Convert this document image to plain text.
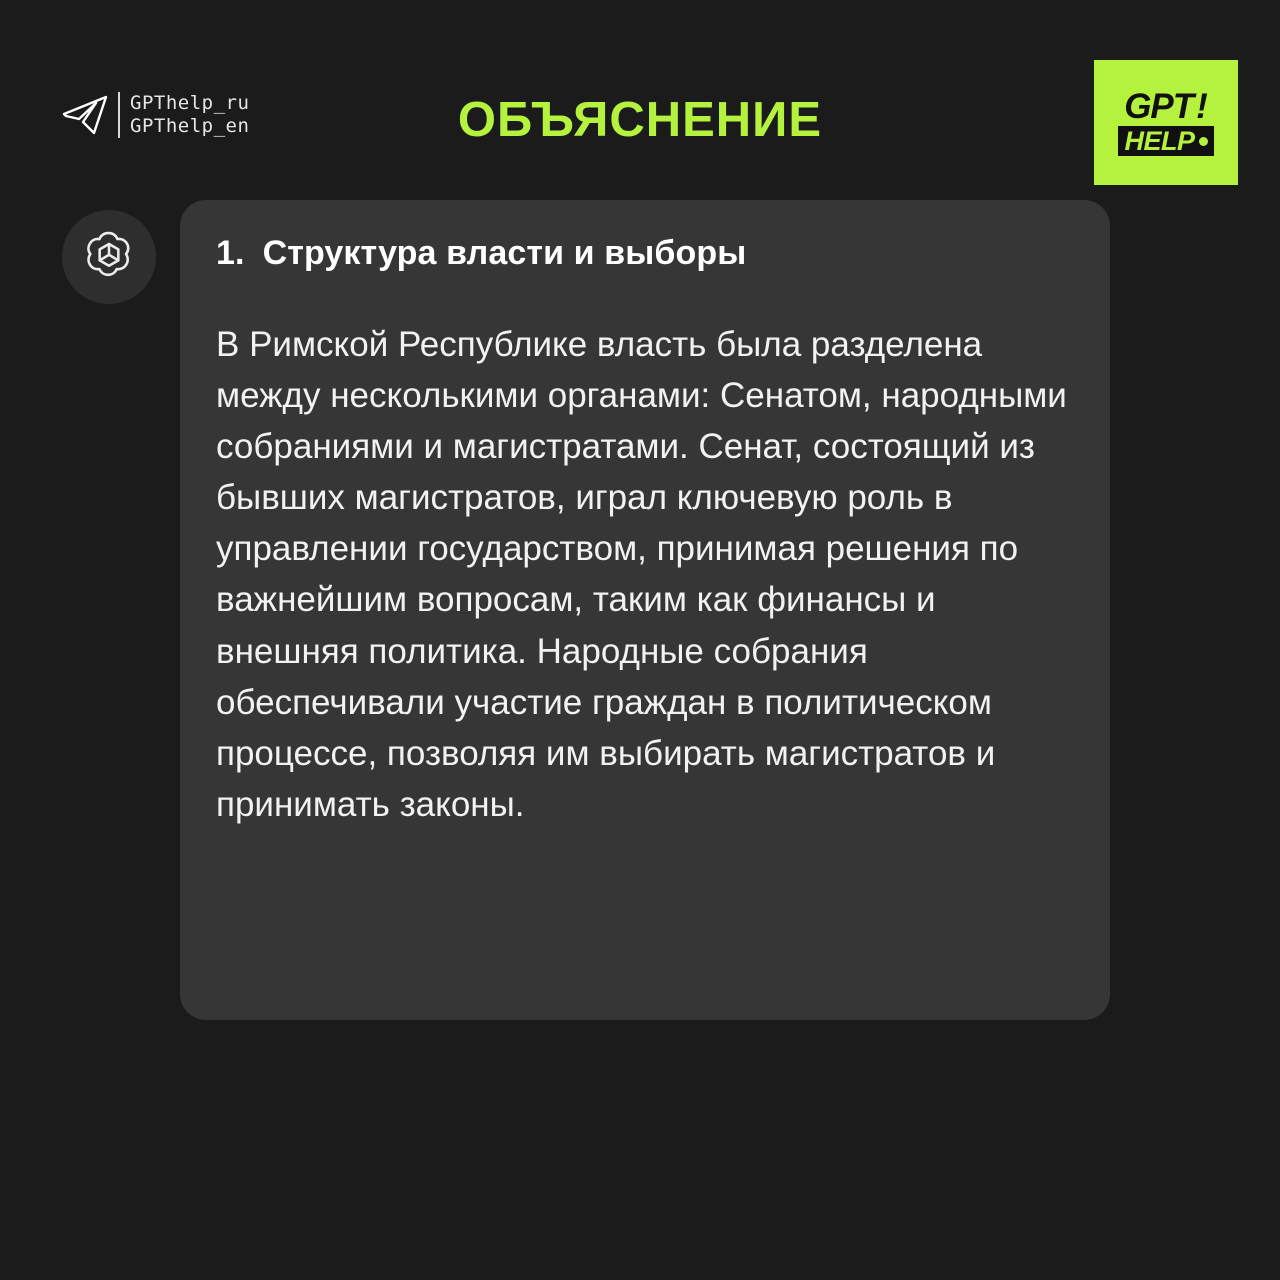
GPThelp_ru
GPThelp_en	ОБЪЯСНЕНИЕ	GPT !
HELP
1. Структура власти и выборы
В Римской Республике власть была разделена между несколькими органами: Сенатом, народными собраниями и магистратами. Сенат, состоящий из бывших магистратов, играл ключевую роль в управлении государством, принимая решения по важнейшим вопросам, таким как финансы и внешняя политика. Народные собрания обеспечивали участие граждан в политическом процессе, позволяя им выбирать магистратов и принимать законы.
